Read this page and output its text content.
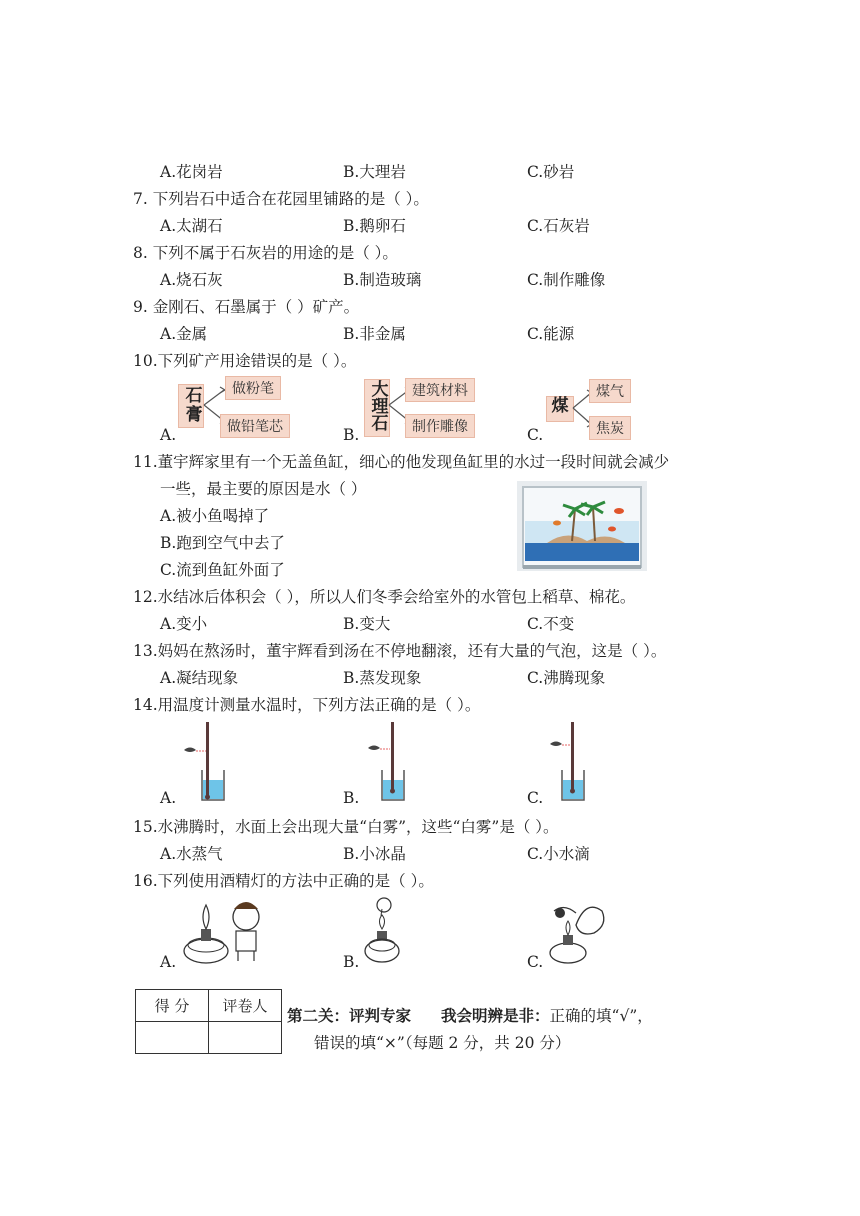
A.花岗岩	B.大理岩	C.砂岩
7. 下列岩石中适合在花园里铺路的是（ ）。
A.太湖石	B.鹅卵石	C.石灰岩
8. 下列不属于石灰岩的用途的是（ ）。
A.烧石灰	B.制造玻璃	C.制作雕像
9. 金刚石、石墨属于（ ）矿产。
A.金属	B.非金属	C.能源
10.下列矿产用途错误的是（ ）。
A.
石膏	做粉笔
做铅笔芯	B.
大理石	建筑材料
制作雕像	C.
煤
煤气
焦炭
11.董宇辉家里有一个无盖鱼缸，细心的他发现鱼缸里的水过一段时间就会减少
一些，最主要的原因是水（ ）
A.被小鱼喝掉了
B.跑到空气中去了
C.流到鱼缸外面了
12.水结冰后体积会（ ），所以人们冬季会给室外的水管包上稻草、棉花。
A.变小	B.变大	C.不变
13.妈妈在熬汤时，董宇辉看到汤在不停地翻滚，还有大量的气泡，这是（ ）。
A.凝结现象	B.蒸发现象	C.沸腾现象
14.用温度计测量水温时，下列方法正确的是（ ）。
A.	B.	C.
15.水沸腾时，水面上会出现大量“白雾”，这些“白雾”是（ ）。
A.水蒸气	B.小冰晶	C.小水滴
16.下列使用酒精灯的方法中正确的是（ ）。
A.	B.	C.
得 分	评卷人
	第二关：评判专家 我会明辨是非：正确的填“√”，
错误的填“×”（每题 2 分，共 20 分）
